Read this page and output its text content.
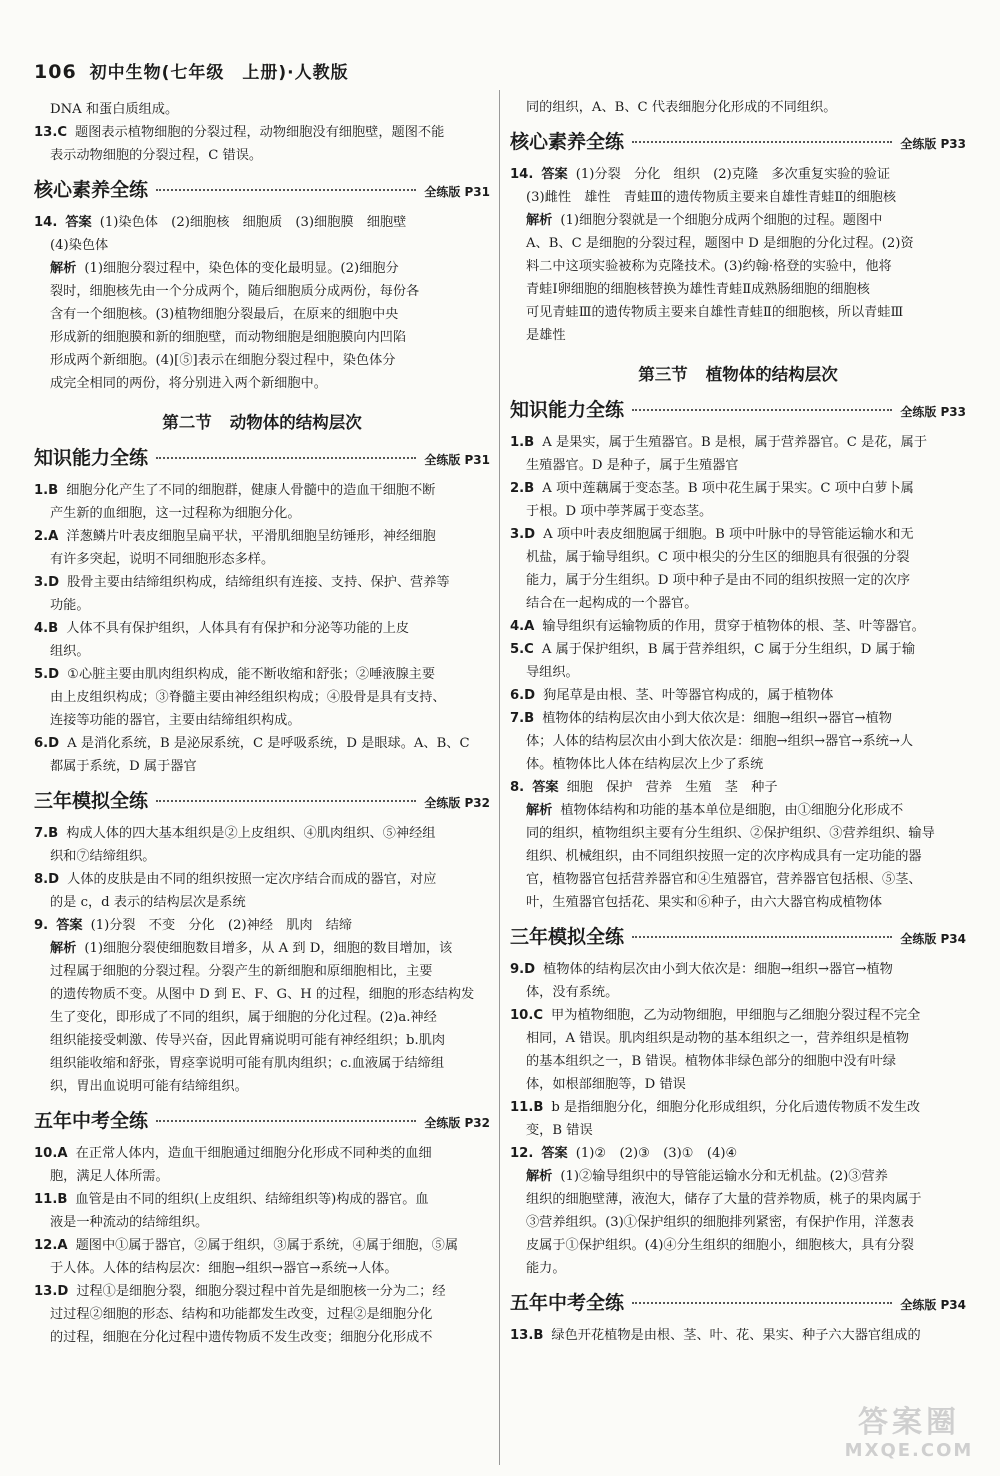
106 初中生物(七年级　上册)·人教版
DNA 和蛋白质组成。
13.C 题图表示植物细胞的分裂过程，动物细胞没有细胞壁，题图不能
表示动物细胞的分裂过程，C 错误。
核心素养全练	全练版 P31
14. 答案 (1)染色体　(2)细胞核　细胞质　(3)细胞膜　细胞壁
(4)染色体
解析 (1)细胞分裂过程中，染色体的变化最明显。(2)细胞分
裂时，细胞核先由一个分成两个，随后细胞质分成两份，每份各
含有一个细胞核。(3)植物细胞分裂最后，在原来的细胞中央
形成新的细胞膜和新的细胞壁，而动物细胞是细胞膜向内凹陷
形成两个新细胞。(4)[⑤]表示在细胞分裂过程中，染色体分
成完全相同的两份，将分别进入两个新细胞中。
第二节 动物体的结构层次
知识能力全练	全练版 P31
1.B 细胞分化产生了不同的细胞群，健康人骨髓中的造血干细胞不断
产生新的血细胞，这一过程称为细胞分化。
2.A 洋葱鳞片叶表皮细胞呈扁平状，平滑肌细胞呈纺锤形，神经细胞
有许多突起，说明不同细胞形态多样。
3.D 股骨主要由结缔组织构成，结缔组织有连接、支持、保护、营养等
功能。
4.B 人体不具有保护组织，人体具有有保护和分泌等功能的上皮
组织。
5.D ①心脏主要由肌肉组织构成，能不断收缩和舒张；②唾液腺主要
由上皮组织构成；③脊髓主要由神经组织构成；④股骨是具有支持、
连接等功能的器官，主要由结缔组织构成。
6.D A 是消化系统，B 是泌尿系统，C 是呼吸系统，D 是眼球。A、B、C
都属于系统，D 属于器官
三年模拟全练	全练版 P32
7.B 构成人体的四大基本组织是②上皮组织、④肌肉组织、⑤神经组
织和⑦结缔组织。
8.D 人体的皮肤是由不同的组织按照一定次序结合而成的器官，对应
的是 c，d 表示的结构层次是系统
9. 答案 (1)分裂　不变　分化　(2)神经　肌肉　结缔
解析 (1)细胞分裂使细胞数目增多，从 A 到 D，细胞的数目增加，该
过程属于细胞的分裂过程。分裂产生的新细胞和原细胞相比，主要
的遗传物质不变。从图中 D 到 E、F、G、H 的过程，细胞的形态结构发
生了变化，即形成了不同的组织，属于细胞的分化过程。(2)a.神经
组织能接受刺激、传导兴奋，因此胃痛说明可能有神经组织；b.肌肉
组织能收缩和舒张，胃痉挛说明可能有肌肉组织；c.血液属于结缔组
织，胃出血说明可能有结缔组织。
五年中考全练	全练版 P32
10.A 在正常人体内，造血干细胞通过细胞分化形成不同种类的血细
胞，满足人体所需。
11.B 血管是由不同的组织(上皮组织、结缔组织等)构成的器官。血
液是一种流动的结缔组织。
12.A 题图中①属于器官，②属于组织，③属于系统，④属于细胞，⑤属
于人体。人体的结构层次：细胞→组织→器官→系统→人体。
13.D 过程①是细胞分裂，细胞分裂过程中首先是细胞核一分为二；经
过过程②细胞的形态、结构和功能都发生改变，过程②是细胞分化
的过程，细胞在分化过程中遗传物质不发生改变；细胞分化形成不
同的组织，A、B、C 代表细胞分化形成的不同组织。
核心素养全练	全练版 P33
14. 答案 (1)分裂　分化　组织　(2)克隆　多次重复实验的验证
(3)雌性　雄性　青蛙Ⅲ的遗传物质主要来自雄性青蛙Ⅱ的细胞核
解析 (1)细胞分裂就是一个细胞分成两个细胞的过程。题图中
A、B、C 是细胞的分裂过程，题图中 D 是细胞的分化过程。(2)资
料二中这项实验被称为克隆技术。(3)约翰·格登的实验中，他将
青蛙Ⅰ卵细胞的细胞核替换为雄性青蛙Ⅱ成熟肠细胞的细胞核
可见青蛙Ⅲ的遗传物质主要来自雄性青蛙Ⅱ的细胞核，所以青蛙Ⅲ
是雄性
第三节 植物体的结构层次
知识能力全练	全练版 P33
1.B A 是果实，属于生殖器官。B 是根，属于营养器官。C 是花，属于
生殖器官。D 是种子，属于生殖器官
2.B A 项中莲藕属于变态茎。B 项中花生属于果实。C 项中白萝卜属
于根。D 项中荸荠属于变态茎。
3.D A 项中叶表皮细胞属于细胞。B 项中叶脉中的导管能运输水和无
机盐，属于输导组织。C 项中根尖的分生区的细胞具有很强的分裂
能力，属于分生组织。D 项中种子是由不同的组织按照一定的次序
结合在一起构成的一个器官。
4.A 输导组织有运输物质的作用，贯穿于植物体的根、茎、叶等器官。
5.C A 属于保护组织，B 属于营养组织，C 属于分生组织，D 属于输
导组织。
6.D 狗尾草是由根、茎、叶等器官构成的，属于植物体
7.B 植物体的结构层次由小到大依次是：细胞→组织→器官→植物
体；人体的结构层次由小到大依次是：细胞→组织→器官→系统→人
体。植物体比人体在结构层次上少了系统
8. 答案 细胞　保护　营养　生殖　茎　种子
解析 植物体结构和功能的基本单位是细胞，由①细胞分化形成不
同的组织，植物组织主要有分生组织、②保护组织、③营养组织、输导
组织、机械组织，由不同组织按照一定的次序构成具有一定功能的器
官，植物器官包括营养器官和④生殖器官，营养器官包括根、⑤茎、
叶，生殖器官包括花、果实和⑥种子，由六大器官构成植物体
三年模拟全练	全练版 P34
9.D 植物体的结构层次由小到大依次是：细胞→组织→器官→植物
体，没有系统。
10.C 甲为植物细胞，乙为动物细胞，甲细胞与乙细胞分裂过程不完全
相同，A 错误。肌肉组织是动物的基本组织之一，营养组织是植物
的基本组织之一，B 错误。植物体非绿色部分的细胞中没有叶绿
体，如根部细胞等，D 错误
11.B b 是指细胞分化，细胞分化形成组织，分化后遗传物质不发生改
变，B 错误
12. 答案 (1)②　(2)③　(3)①　(4)④
解析 (1)②输导组织中的导管能运输水分和无机盐。(2)③营养
组织的细胞壁薄，液泡大，储存了大量的营养物质，桃子的果肉属于
③营养组织。(3)①保护组织的细胞排列紧密，有保护作用，洋葱表
皮属于①保护组织。(4)④分生组织的细胞小，细胞核大，具有分裂
能力。
五年中考全练	全练版 P34
13.B 绿色开花植物是由根、茎、叶、花、果实、种子六大器官组成的
答案圈
MXQE.COM
